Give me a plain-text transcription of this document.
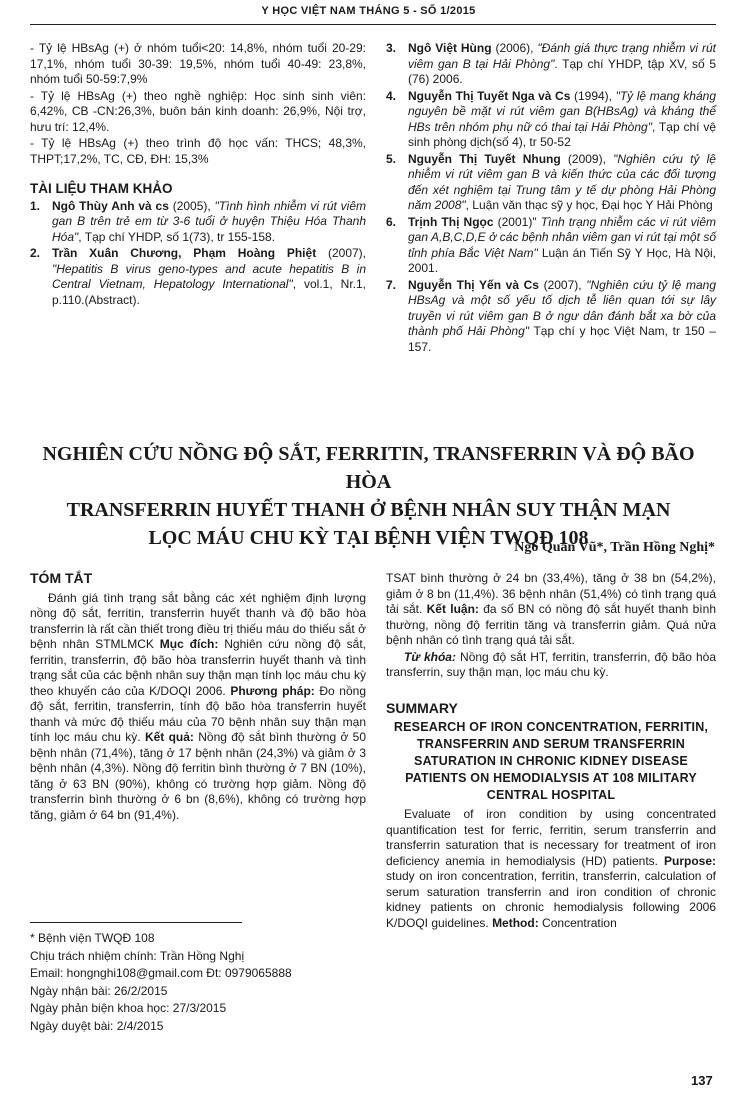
Y HỌC VIỆT NAM THÁNG 5 - SỐ 1/2015

- Tỷ lệ HBsAg (+) ở nhóm tuổi<20: 14,8%, nhóm tuổi 20-29: 17,1%, nhóm tuổi 30-39: 19,5%, nhóm tuổi 40-49: 23,8%, nhóm tuổi 50-59:7,9%

- Tỷ lệ HBsAg (+) theo nghề nghiệp: Học sinh sinh viên: 6,42%, CB -CN:26,3%, buôn bán kinh doanh: 26,9%, Nội trợ, hưu trí: 12,4%.

- Tỷ lệ HBsAg (+) theo trình độ học vấn: THCS; 48,3%, THPT;17,2%, TC, CĐ, ĐH: 15,3%

TÀI LIỆU THAM KHẢO
1. Ngô Thùy Anh và cs (2005), "Tình hình nhiễm vi rút viêm gan B trên trẻ em từ 3-6 tuổi ở huyện Thiệu Hóa Thanh Hóa", Tạp chí YHDP, số 1(73), tr 155-158.
2. Trần Xuân Chương, Phạm Hoàng Phiệt (2007), "Hepatitis B virus geno-types and acute hepatitis B in Central Vietnam, Hepatology International", vol.1, Nr.1, p.110.(Abstract).
3. Ngô Việt Hùng (2006), "Đánh giá thực trạng nhiễm vi rút viêm gan B tại Hải Phòng". Tạp chí YHDP, tập XV, số 5 (76) 2006.
4. Nguyễn Thị Tuyết Nga và Cs (1994), "Tỷ lệ mang kháng nguyên bề mặt vi rút viêm gan B(HBsAg) và kháng thể HBs trên nhóm phụ nữ có thai tại Hải Phòng", Tạp chí vệ sinh phòng dịch(số 4), tr 50-52
5. Nguyễn Thị Tuyết Nhung (2009), "Nghiên cứu tỷ lệ nhiễm vi rút viêm gan B và kiến thức của các đối tượng đến xét nghiệm tại Trung tâm y tế dự phòng Hải Phòng năm 2008", Luận văn thạc sỹ y học, Đại học Y Hải Phòng
6. Trịnh Thị Ngọc (2001)" Tình trạng nhiễm các vi rút viêm gan A,B,C,D,E ở các bệnh nhân viêm gan vi rút tại một số tỉnh phía Bắc Việt Nam" Luận án Tiến Sỹ Y Học, Hà Nội, 2001.
7. Nguyễn Thị Yến và Cs (2007), "Nghiên cứu tỷ lệ mang HBsAg và một số yếu tố dịch tễ liên quan tới sự lây truyền vi rút viêm gan B ở ngư dân đánh bắt xa bờ của thành phố Hải Phòng" Tạp chí y học Việt Nam, tr 150 – 157.
NGHIÊN CỨU NỒNG ĐỘ SẮT, FERRITIN, TRANSFERRIN VÀ ĐỘ BÃO HÒA
TRANSFERRIN HUYẾT THANH Ở BỆNH NHÂN SUY THẬN MẠN
LỌC MÁU CHU KỲ TẠI BỆNH VIỆN TWQĐ 108
Ngô Quân Vũ*, Trần Hồng Nghị*
TÓM TẮT

Đánh giá tình trạng sắt bằng các xét nghiệm định lượng nồng độ sắt, ferritin, transferrin huyết thanh và độ bão hòa transferrin là rất cần thiết trong điều trị thiếu máu do thiếu sắt ở bệnh nhân STMLMCK Mục đích: Nghiên cứu nồng độ sắt, ferritin, transferrin, độ bão hòa transferrin huyết thanh và tình trạng sắt của các bệnh nhân suy thận mạn tính lọc máu chu kỳ theo khuyến cáo của K/DOQI 2006. Phương pháp: Đo nồng độ sắt, ferritin, transferrin, tính độ bão hòa transferrin huyết thanh và mức độ thiếu máu của 70 bệnh nhân suy thận mạn tính lọc máu chu kỳ. Kết quả: Nồng độ sắt bình thường ở 50 bệnh nhân (71,4%), tăng ở 17 bệnh nhân (24,3%) và giảm ở 3 bệnh nhân (4,3%). Nồng độ ferritin bình thường ở 7 BN (10%), tăng ở 63 BN (90%), không có trường hợp giảm. Nồng độ transferrin bình thường ở 6 bn (8,6%), không có trường hợp tăng, giảm ở 64 bn (91,4%).

TSAT bình thường ở 24 bn (33,4%), tăng ở 38 bn (54,2%), giảm ở 8 bn (11,4%). 36 bệnh nhân (51,4%) có tình trạng quá tải sắt. Kết luận: đa số BN có nồng độ sắt huyết thanh bình thường, nồng độ ferritin tăng và transferrin giảm. Quá nửa bệnh nhân có tình trạng quá tải sắt.

Từ khóa: Nồng độ sắt HT, ferritin, transferrin, độ bão hòa transferrin, suy thận mạn, lọc máu chu kỳ.

SUMMARY
RESEARCH OF IRON CONCENTRATION, FERRITIN, TRANSFERRIN AND SERUM TRANSFERRIN SATURATION IN CHRONIC KIDNEY DISEASE PATIENTS ON HEMODIALYSIS AT 108 MILITARY CENTRAL HOSPITAL

Evaluate of iron condition by using concentrated quantification test for ferric, ferritin, serum transferrin and transferrin saturation that is necessary for treatment of iron deficiency anemia in hemodialysis (HD) patients. Purpose: study on iron concentration, ferritin, transferrin, calculation of serum saturation transferrin and iron condition of chronic kidney patients on chronic hemodialysis following 2006 K/DOQI guidelines. Method: Concentration

* Bệnh viện TWQĐ 108
Chịu trách nhiệm chính: Trần Hồng Nghị
Email: hongnghi108@gmail.com Đt: 0979065888
Ngày nhận bài: 26/2/2015
Ngày phản biện khoa học: 27/3/2015
Ngày duyệt bài: 2/4/2015
137
